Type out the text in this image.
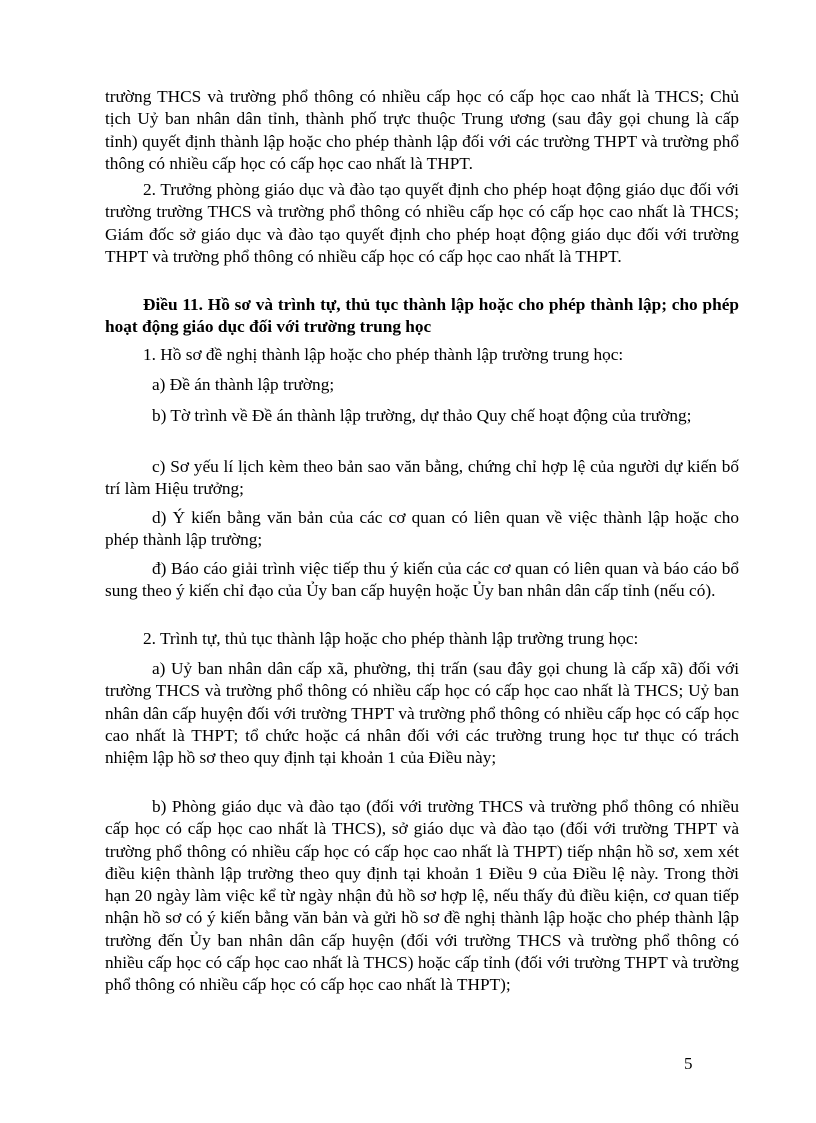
trường THCS và trường phổ thông có nhiều cấp học có cấp học cao nhất là THCS; Chủ tịch Uỷ ban nhân dân tỉnh, thành phố trực thuộc Trung ương (sau đây gọi chung là cấp tỉnh) quyết định thành lập hoặc cho phép thành lập đối với các trường THPT và trường phổ thông có nhiều cấp học có cấp học cao nhất là THPT.

2. Trưởng phòng giáo dục và đào tạo quyết định cho phép hoạt động giáo dục đối với trường trường THCS và trường phổ thông có nhiều cấp học có cấp học cao nhất là THCS; Giám đốc sở giáo dục và đào tạo quyết định cho phép hoạt động giáo dục đối với trường THPT và trường phổ thông có nhiều cấp học có cấp học cao nhất là THPT.

Điều 11. Hồ sơ và trình tự, thủ tục thành lập hoặc cho phép thành lập; cho phép hoạt động giáo dục đối với trường trung học

1. Hồ sơ đề nghị thành lập hoặc cho phép thành lập trường trung học:

a) Đề án thành lập trường;

b) Tờ trình về Đề án thành lập trường, dự thảo Quy chế hoạt động của trường;

c) Sơ yếu lí lịch kèm theo bản sao văn bằng, chứng chỉ hợp lệ của người dự kiến bố trí làm Hiệu trưởng;

d) Ý kiến bằng văn bản của các cơ quan có liên quan về việc thành lập hoặc cho phép thành lập trường;

đ) Báo cáo giải trình việc tiếp thu ý kiến của các cơ quan có liên quan và báo cáo bổ sung theo ý kiến chỉ đạo của Ủy ban cấp huyện hoặc Ủy ban nhân dân cấp tỉnh (nếu có).

2. Trình tự, thủ tục thành lập hoặc cho phép thành lập trường trung học:

a) Uỷ ban nhân dân cấp xã, phường, thị trấn (sau đây gọi chung là cấp xã) đối với trường THCS và trường phổ thông có nhiều cấp học có cấp học cao nhất là THCS; Uỷ ban nhân dân cấp huyện đối với trường THPT và trường phổ thông có nhiều cấp học có cấp học cao nhất là THPT; tổ chức hoặc cá nhân đối với các trường trung học tư thục có trách nhiệm lập hồ sơ theo quy định tại khoản 1 của Điều này;

b) Phòng giáo dục và đào tạo (đối với trường THCS và trường phổ thông có nhiều cấp học có cấp học cao nhất là THCS), sở giáo dục và đào tạo (đối với trường THPT và trường phổ thông có nhiều cấp học có cấp học cao nhất là THPT) tiếp nhận hồ sơ, xem xét điều kiện thành lập trường theo quy định tại khoản 1 Điều 9 của Điều lệ này. Trong thời hạn 20 ngày làm việc kể từ ngày nhận đủ hồ sơ hợp lệ, nếu thấy đủ điều kiện, cơ quan tiếp nhận hồ sơ có ý kiến bằng văn bản và gửi hồ sơ đề nghị thành lập hoặc cho phép thành lập trường đến Ủy ban nhân dân cấp huyện (đối với trường THCS và trường phổ thông có nhiều cấp học có cấp học cao nhất là THCS) hoặc cấp tỉnh (đối với trường THPT và trường phổ thông có nhiều cấp học có cấp học cao nhất là THPT);

5
